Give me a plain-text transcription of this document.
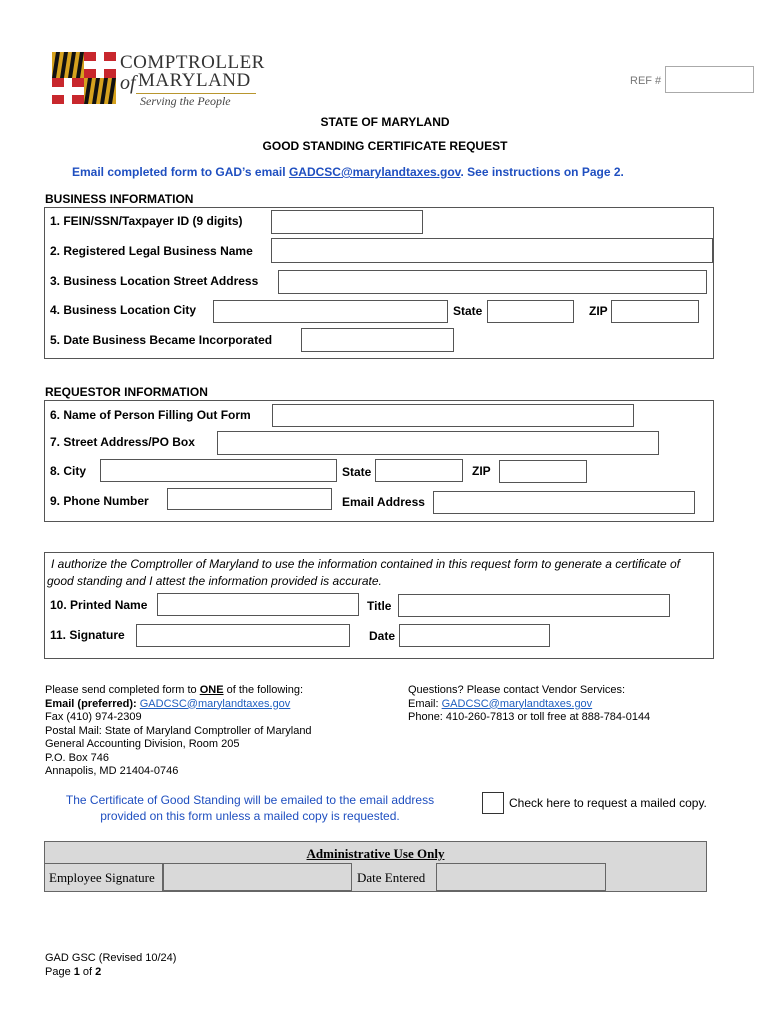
COMPTROLLER
of MARYLAND
Serving the People
REF #
STATE OF MARYLAND
GOOD STANDING CERTIFICATE REQUEST
Email completed form to GAD’s email GADCSC@marylandtaxes.gov. See instructions on Page 2.
BUSINESS INFORMATION
1. FEIN/SSN/Taxpayer ID (9 digits)
2. Registered Legal Business Name
3. Business Location Street Address
4. Business Location City	State	ZIP
5. Date Business Became Incorporated
REQUESTOR INFORMATION
6. Name of Person Filling Out Form
7. Street Address/PO Box
8. City	State	ZIP
9. Phone Number	Email Address
I authorize the Comptroller of Maryland to use the information contained in this request form to generate a certificate of
good standing and I attest the information provided is accurate.
10. Printed Name	Title
11. Signature	Date
Please send completed form to ONE of the following:
Email (preferred): GADCSC@marylandtaxes.gov
Fax (410) 974-2309
Postal Mail: State of Maryland Comptroller of Maryland
General Accounting Division, Room 205
P.O. Box 746
Annapolis, MD 21404-0746
Questions? Please contact Vendor Services:
Email: GADCSC@marylandtaxes.gov
Phone: 410-260-7813 or toll free at 888-784-0144
The Certificate of Good Standing will be emailed to the email address
provided on this form unless a mailed copy is requested.
Check here to request a mailed copy.
Administrative Use Only
Employee Signature	Date Entered
GAD GSC (Revised 10/24)
Page 1 of 2
